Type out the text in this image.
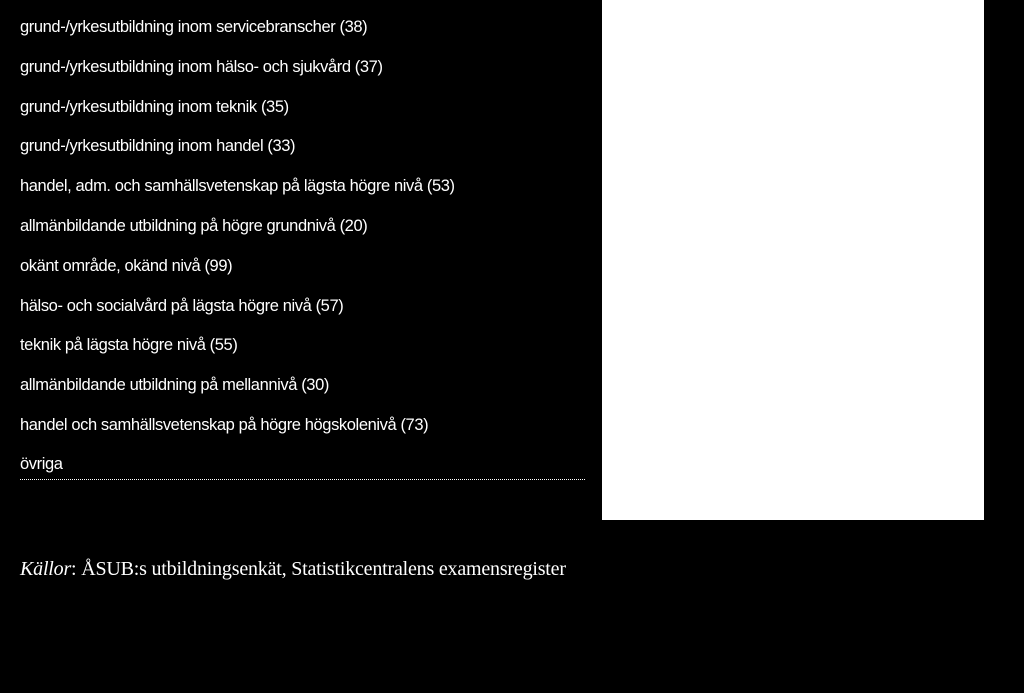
grund-/yrkesutbildning inom servicebranscher (38)
grund-/yrkesutbildning inom hälso- och sjukvård (37)
grund-/yrkesutbildning inom teknik (35)
grund-/yrkesutbildning inom handel (33)
handel, adm. och samhällsvetenskap på lägsta högre nivå (53)
allmänbildande utbildning på högre grundnivå (20)
okänt område, okänd nivå (99)
hälso- och socialvård på lägsta högre nivå (57)
teknik på lägsta högre nivå (55)
allmänbildande utbildning på mellannivå (30)
handel och samhällsvetenskap på högre högskolenivå (73)
övriga
Källor: ÅSUB:s utbildningsenkät, Statistikcentralens examensregister
